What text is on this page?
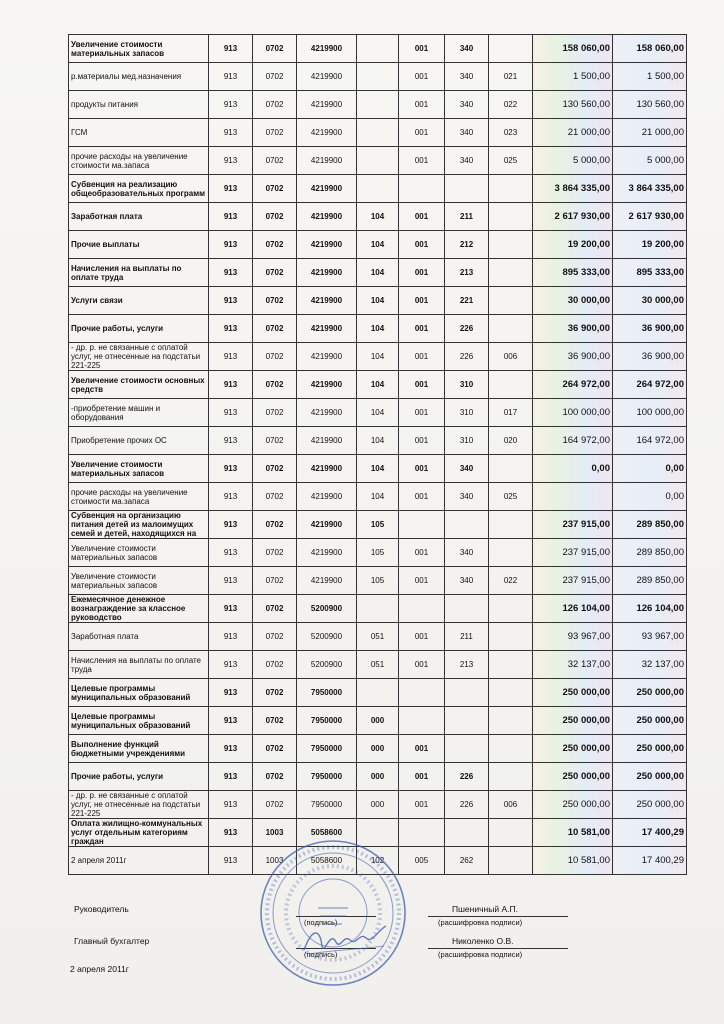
Увеличение стоимости материальных запасов	913	0702	4219900		001	340		158 060,00	158 060,00
р.материалы мед.назначения	913	0702	4219900		001	340	021	1 500,00	1 500,00
продукты питания	913	0702	4219900		001	340	022	130 560,00	130 560,00
ГСМ	913	0702	4219900		001	340	023	21 000,00	21 000,00
прочие расходы на увеличение стоимости ма.запаса	913	0702	4219900		001	340	025	5 000,00	5 000,00
Субвенция на реализацию общеобразовательных программ	913	0702	4219900					3 864 335,00	3 864 335,00
Заработная плата	913	0702	4219900	104	001	211		2 617 930,00	2 617 930,00
Прочие выплаты	913	0702	4219900	104	001	212		19 200,00	19 200,00
Начисления на выплаты по оплате труда	913	0702	4219900	104	001	213		895 333,00	895 333,00
Услуги связи	913	0702	4219900	104	001	221		30 000,00	30 000,00
Прочие работы, услуги	913	0702	4219900	104	001	226		36 900,00	36 900,00
- др. р. не связанные с оплатой услуг, не отнесенные на подстатьи 221-225	913	0702	4219900	104	001	226	006	36 900,00	36 900,00
Увеличение стоимости основных средств	913	0702	4219900	104	001	310		264 972,00	264 972,00
-приобретение машин и оборудования	913	0702	4219900	104	001	310	017	100 000,00	100 000,00
Приобретение прочих ОС	913	0702	4219900	104	001	310	020	164 972,00	164 972,00
Увеличение стоимости материальных запасов	913	0702	4219900	104	001	340		0,00	0,00
прочие расходы на увеличение стоимости ма.запаса	913	0702	4219900	104	001	340	025		0,00
Субвенция на организацию питания детей из малоимущих семей и детей, находящихся на	913	0702	4219900	105				237 915,00	289 850,00
Увеличение стоимости материальных запасов	913	0702	4219900	105	001	340		237 915,00	289 850,00
Увеличение стоимости материальных запасов	913	0702	4219900	105	001	340	022	237 915,00	289 850,00
Ежемесячное денежное вознаграждение за классное руководство	913	0702	5200900					126 104,00	126 104,00
Заработная плата	913	0702	5200900	051	001	211		93 967,00	93 967,00
Начисления на выплаты по оплате труда	913	0702	5200900	051	001	213		32 137,00	32 137,00
Целевые программы муниципальных образований	913	0702	7950000					250 000,00	250 000,00
Целевые программы муниципальных образований	913	0702	7950000	000				250 000,00	250 000,00
Выполнение функций бюджетными учреждениями	913	0702	7950000	000	001			250 000,00	250 000,00
Прочие работы, услуги	913	0702	7950000	000	001	226		250 000,00	250 000,00
- др. р. не связанные с оплатой услуг, не отнесенные на подстатьи 221-225	913	0702	7950000	000	001	226	006	250 000,00	250 000,00
Оплата жилищно-коммунальных услуг отдельным категориям граждан	913	1003	5058600					10 581,00	17 400,29
2 апреля 2011г	913	1003	5058600	102	005	262		10 581,00	17 400,29
Руководитель
(подпись)
Пшеничный А.П.
(расшифровка подписи)
Главный бухгалтер
(подпись)
Николенко О.В.
(расшифровка подписи)
2 апреля 2011г
